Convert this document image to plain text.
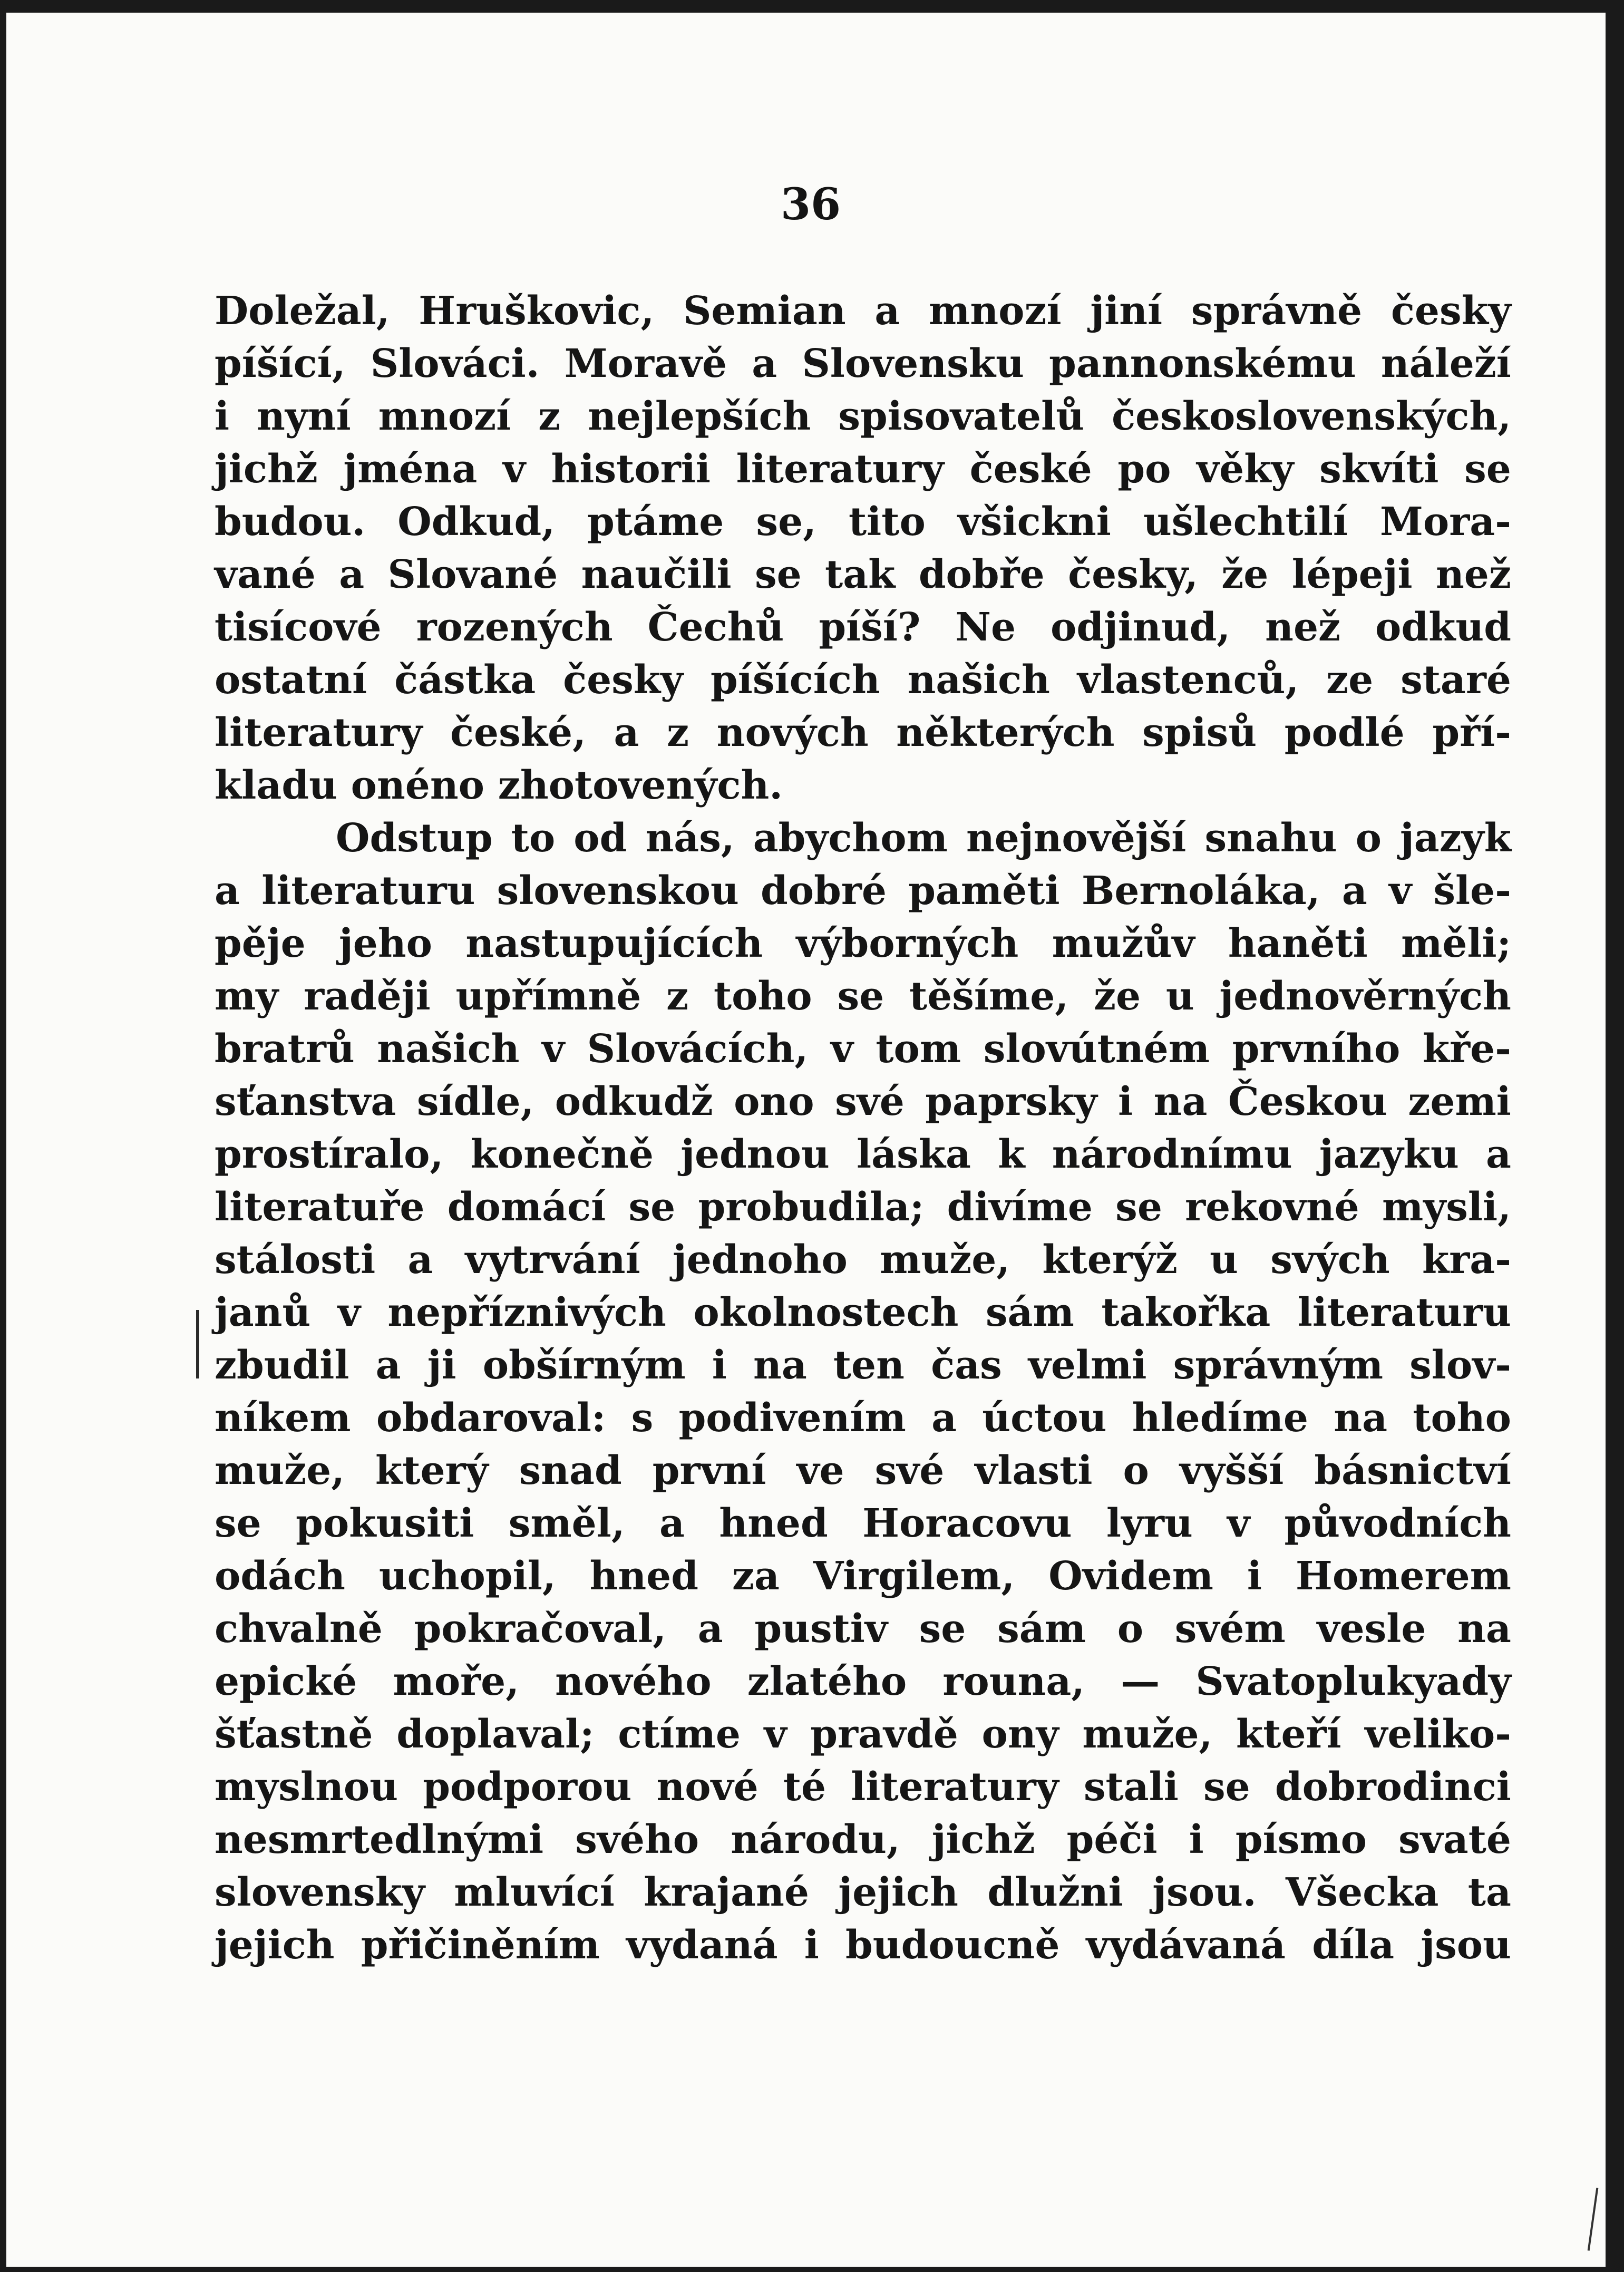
36
Doležal, Hruškovic, Semian a mnozí jiní správně česky
píšící, Slováci. Moravě a Slovensku pannonskému náleží
i nyní mnozí z nejlepších spisovatelů československých,
jichž jména v historii literatury české po věky skvíti se
budou. Odkud, ptáme se, tito všickni ušlechtilí Mora-
vané a Slované naučili se tak dobře česky, že lépeji než
tisícové rozených Čechů píší? Ne odjinud, než odkud
ostatní částka česky píšících našich vlastenců, ze staré
literatury české, a z nových některých spisů podlé pří-
kladu onéno zhotovených.
Odstup to od nás, abychom nejnovější snahu o jazyk
a literaturu slovenskou dobré paměti Bernoláka, a v šle-
pěje jeho nastupujících výborných mužův haněti měli;
my raději upřímně z toho se těšíme, že u jednověrných
bratrů našich v Slovácích, v tom slovútném prvního kře-
sťanstva sídle, odkudž ono své paprsky i na Českou zemi
prostíralo, konečně jednou láska k národnímu jazyku a
literatuře domácí se probudila; divíme se rekovné mysli,
stálosti a vytrvání jednoho muže, kterýž u svých kra-
janů v nepříznivých okolnostech sám takořka literaturu
zbudil a ji obšírným i na ten čas velmi správným slov-
níkem obdaroval: s podivením a úctou hledíme na toho
muže, který snad první ve své vlasti o vyšší básnictví
se pokusiti směl, a hned Horacovu lyru v původních
odách uchopil, hned za Virgilem, Ovidem i Homerem
chvalně pokračoval, a pustiv se sám o svém vesle na
epické moře, nového zlatého rouna, — Svatoplukyady
šťastně doplaval; ctíme v pravdě ony muže, kteří veliko-
myslnou podporou nové té literatury stali se dobrodinci
nesmrtedlnými svého národu, jichž péči i písmo svaté
slovensky mluvící krajané jejich dlužni jsou. Všecka ta
jejich přičiněním vydaná i budoucně vydávaná díla jsou
